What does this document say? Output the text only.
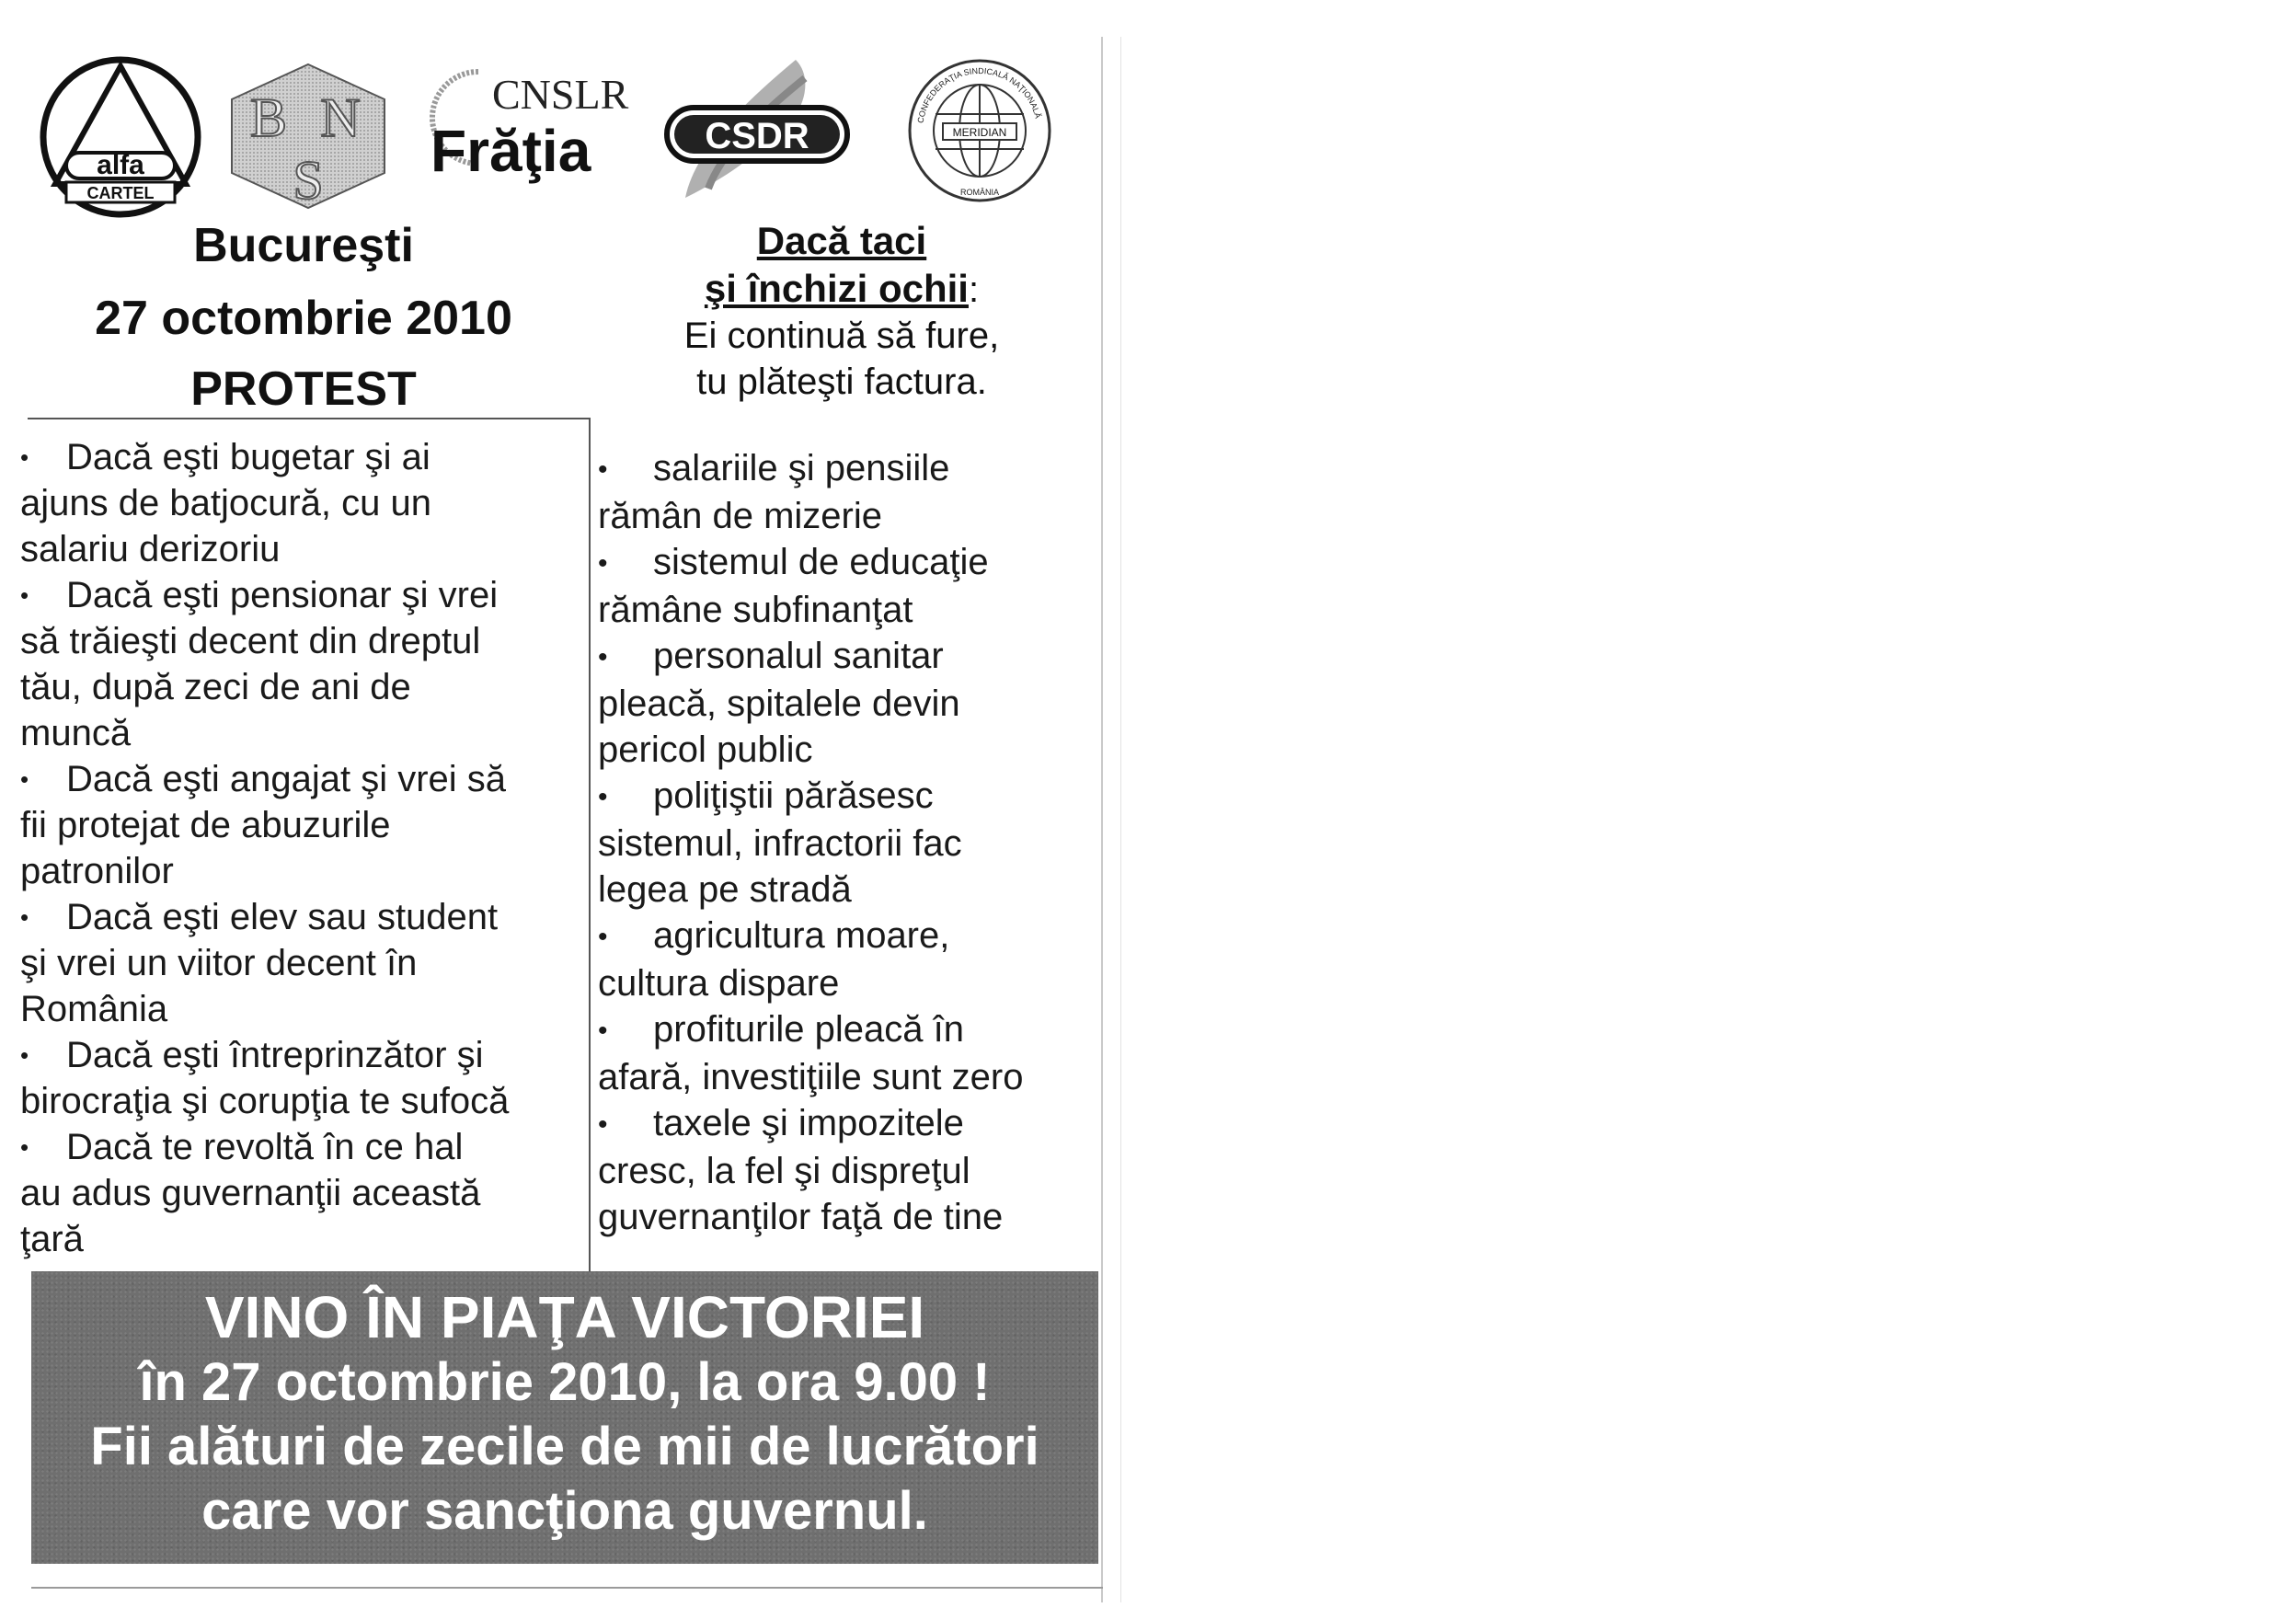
alfa
CARTEL
B N
S
CNSLR
Frăţia	CSDR	MERIDIAN
CONFEDERAŢIA SINDICALĂ NAŢIONALĂ
ROMÂNIA
Bucureşti
27 octombrie 2010
PROTEST
Dacă taci
şi închizi ochii:
Ei continuă să fure,
tu plăteşti factura.
• Dacă eşti bugetar şi ai
ajuns de batjocură, cu un
salariu derizoriu
• Dacă eşti pensionar şi vrei
să trăieşti decent din dreptul
tău, după zeci de ani de
muncă
• Dacă eşti angajat şi vrei să
fii protejat de abuzurile
patronilor
• Dacă eşti elev sau student
şi vrei un viitor decent în
România
• Dacă eşti întreprinzător şi
birocraţia şi corupţia te sufocă
• Dacă te revoltă în ce hal
au adus guvernanţii această
ţară
• salariile şi pensiile
rămân de mizerie
• sistemul de educaţie
rămâne subfinanţat
• personalul sanitar
pleacă, spitalele devin
pericol public
• poliţiştii părăsesc
sistemul, infractorii fac
legea pe stradă
• agricultura moare,
cultura dispare
• profiturile pleacă în
afară, investiţiile sunt zero
• taxele şi impozitele
cresc, la fel şi dispreţul
guvernanţilor faţă de tine
VINO ÎN PIAŢA VICTORIEI
în 27 octombrie 2010, la ora 9.00 !
Fii alături de zecile de mii de lucrători
care vor sancţiona guvernul.
